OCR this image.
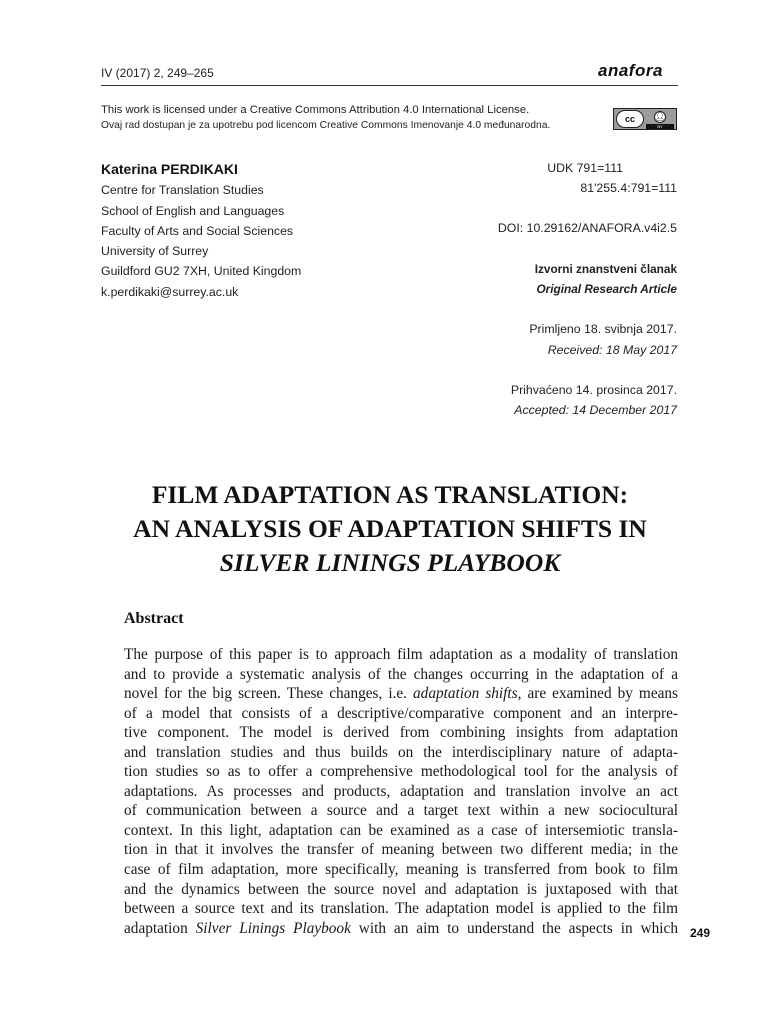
IV (2017) 2, 249–265	anafora
This work is licensed under a Creative Commons Attribution 4.0 International License.
Ovaj rad dostupan je za upotrebu pod licencom Creative Commons Imenovanje 4.0 međunarodna.
cc	👤︎
BY
Katerina PERDIKAKI
Centre for Translation Studies
School of English and Languages
Faculty of Arts and Social Sciences
University of Surrey
Guildford GU2 7XH, United Kingdom
k.perdikaki@surrey.ac.uk
UDK 791=111
81'255.4:791=111
DOI: 10.29162/ANAFORA.v4i2.5
Izvorni znanstveni članak
Original Research Article
Primljeno 18. svibnja 2017.
Received: 18 May 2017
Prihvaćeno 14. prosinca 2017.
Accepted: 14 December 2017
FILM ADAPTATION AS TRANSLATION:
AN ANALYSIS OF ADAPTATION SHIFTS IN
SILVER LININGS PLAYBOOK
Abstract
The purpose of this paper is to approach film adaptation as a modality of translation
and to provide a systematic analysis of the changes occurring in the adaptation of a
novel for the big screen. These changes, i.e. adaptation shifts, are examined by means
of a model that consists of a descriptive/comparative component and an interpre-
tive component. The model is derived from combining insights from adaptation
and translation studies and thus builds on the interdisciplinary nature of adapta-
tion studies so as to offer a comprehensive methodological tool for the analysis of
adaptations. As processes and products, adaptation and translation involve an act
of communication between a source and a target text within a new sociocultural
context. In this light, adaptation can be examined as a case of intersemiotic transla-
tion in that it involves the transfer of meaning between two different media; in the
case of film adaptation, more specifically, meaning is transferred from book to film
and the dynamics between the source novel and adaptation is juxtaposed with that
between a source text and its translation. The adaptation model is applied to the film
adaptation Silver Linings Playbook with an aim to understand the aspects in which 249
